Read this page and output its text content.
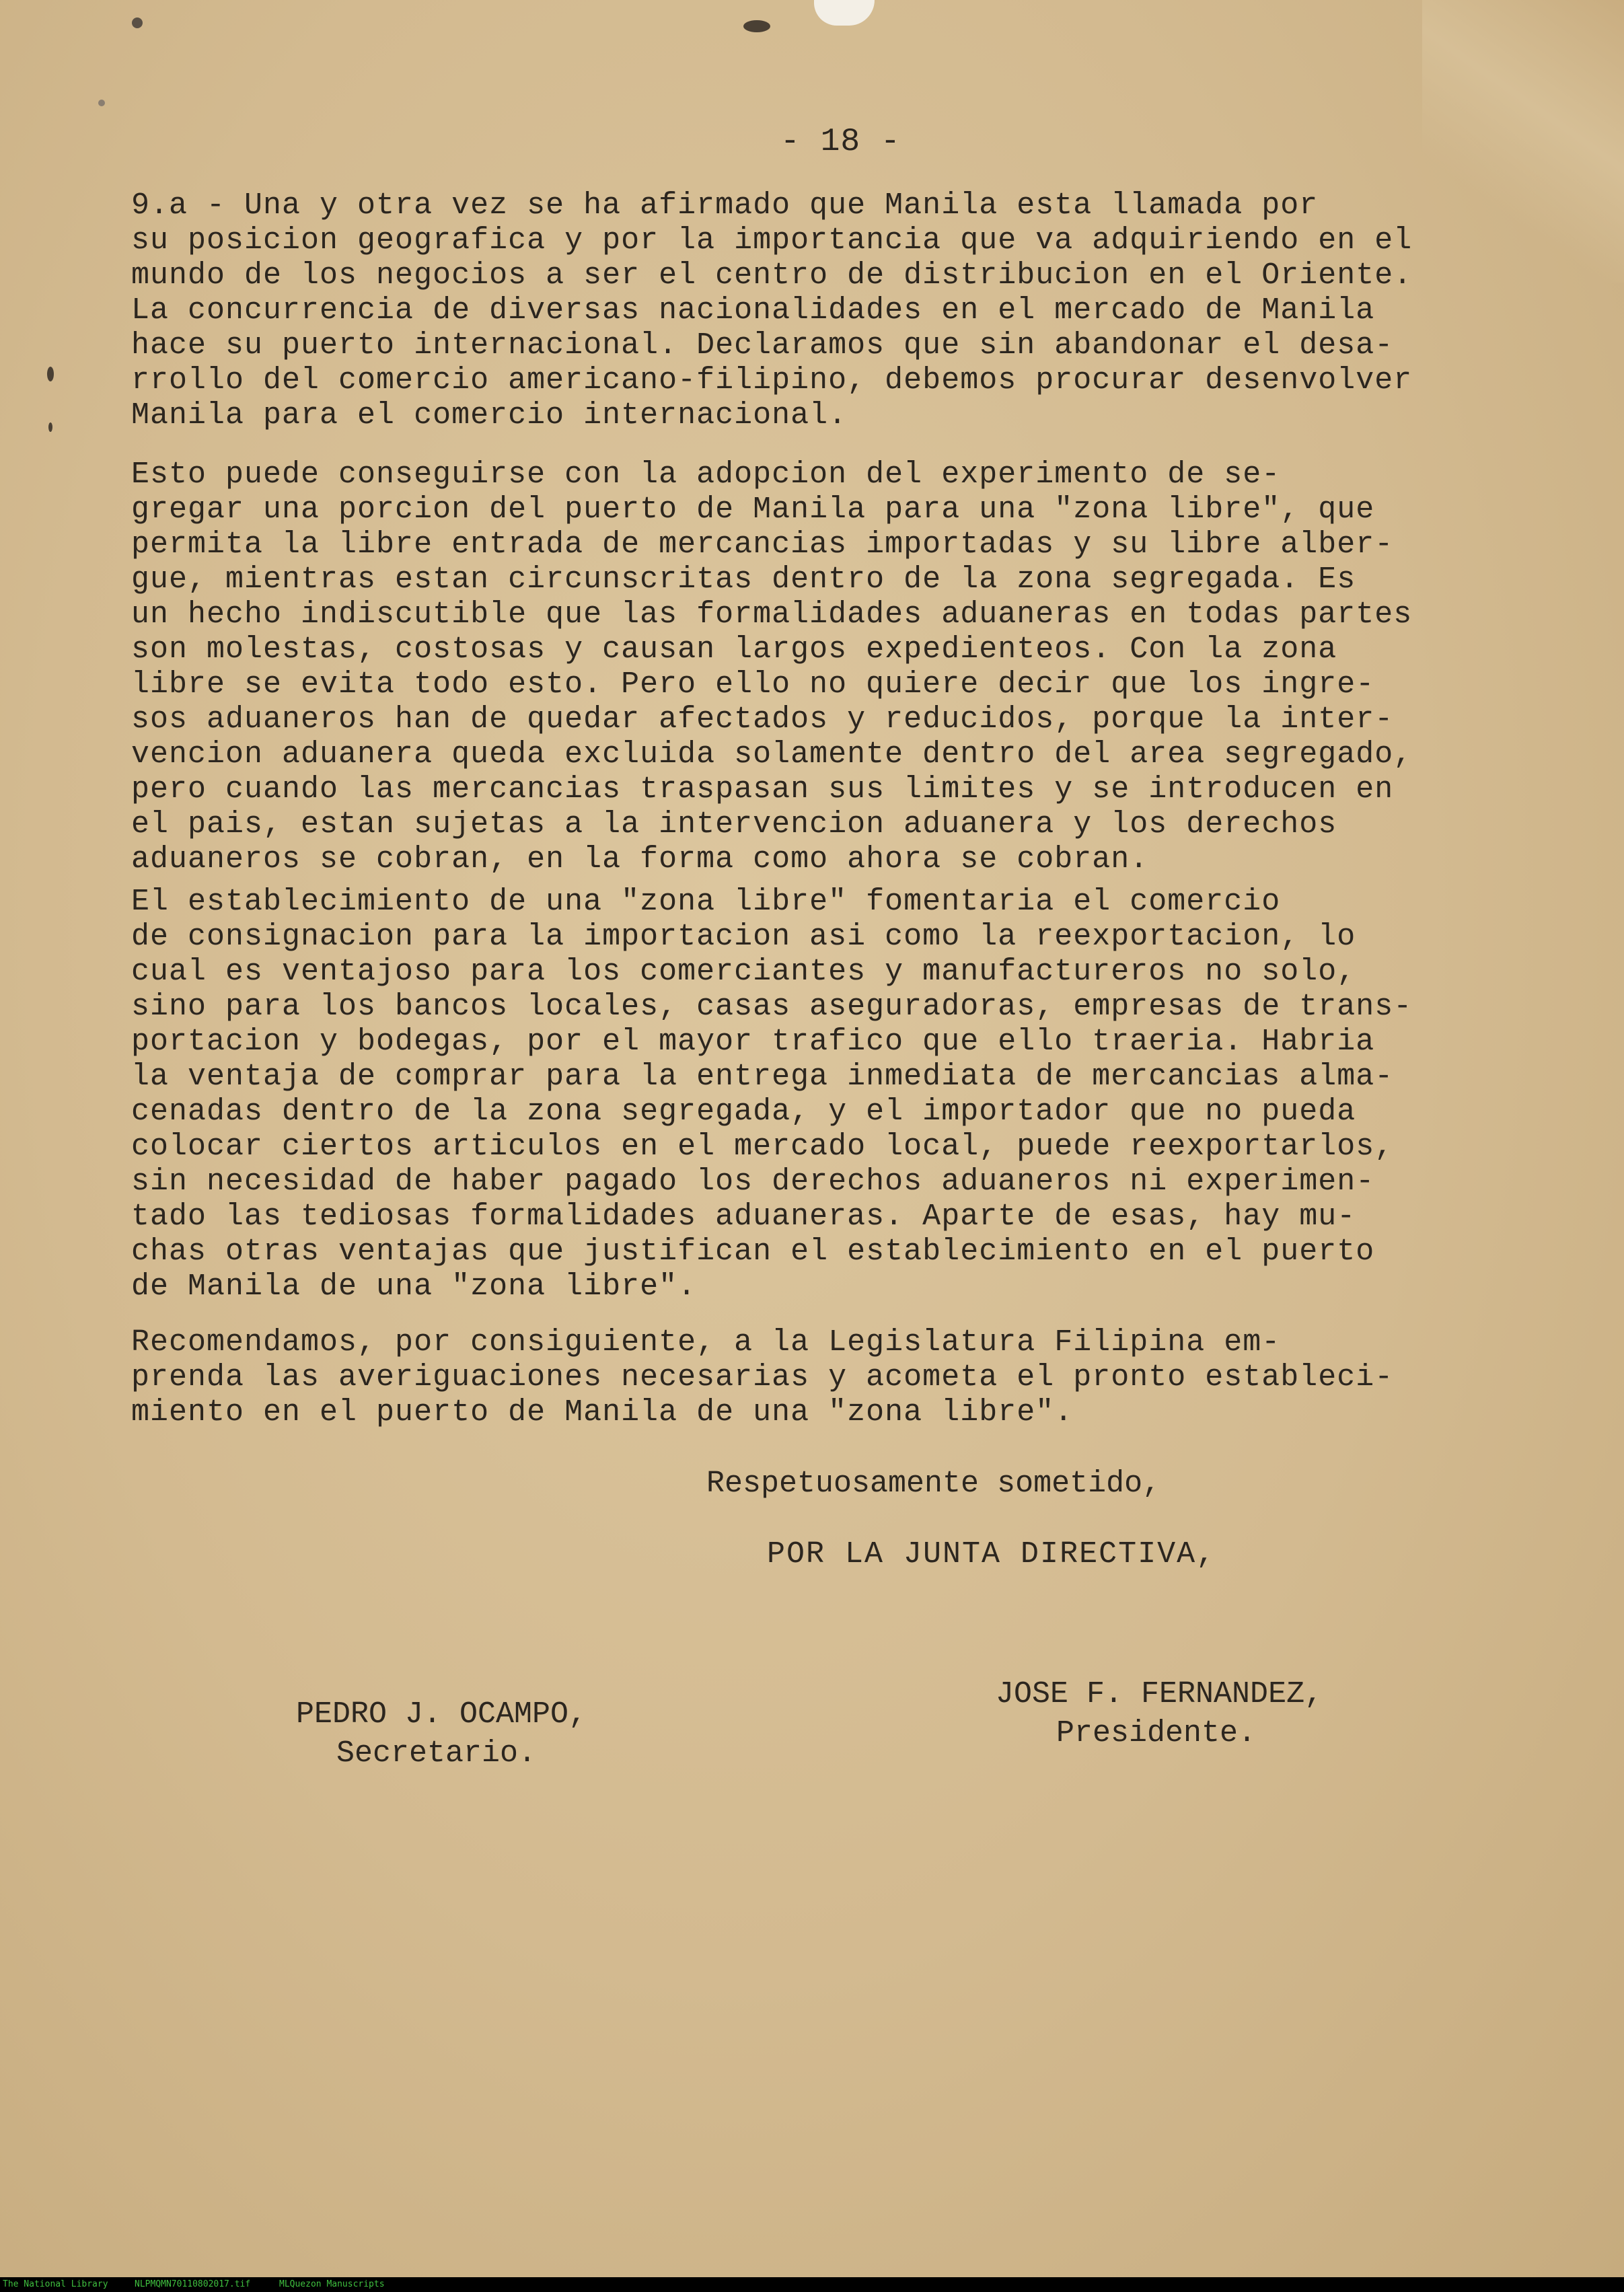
- 18 -

9.a - Una y otra vez se ha afirmado que Manila esta llamada por
su posicion geografica y por la importancia que va adquiriendo en el
mundo de los negocios a ser el centro de distribucion en el Oriente.
La concurrencia de diversas nacionalidades en el mercado de Manila
hace su puerto internacional. Declaramos que sin abandonar el desa-
rrollo del comercio americano-filipino, debemos procurar desenvolver
Manila para el comercio internacional.

Esto puede conseguirse con la adopcion del experimento de se-
gregar una porcion del puerto de Manila para una "zona libre", que
permita la libre entrada de mercancias importadas y su libre alber-
gue, mientras estan circunscritas dentro de la zona segregada. Es
un hecho indiscutible que las formalidades aduaneras en todas partes
son molestas, costosas y causan largos expedienteos. Con la zona
libre se evita todo esto. Pero ello no quiere decir que los ingre-
sos aduaneros han de quedar afectados y reducidos, porque la inter-
vencion aduanera queda excluida solamente dentro del area segregado,
pero cuando las mercancias traspasan sus limites y se introducen en
el pais, estan sujetas a la intervencion aduanera y los derechos
aduaneros se cobran, en la forma como ahora se cobran.

El establecimiento de una "zona libre" fomentaria el comercio
de consignacion para la importacion asi como la reexportacion, lo
cual es ventajoso para los comerciantes y manufactureros no solo,
sino para los bancos locales, casas aseguradoras, empresas de trans-
portacion y bodegas, por el mayor trafico que ello traeria. Habria
la ventaja de comprar para la entrega inmediata de mercancias alma-
cenadas dentro de la zona segregada, y el importador que no pueda
colocar ciertos articulos en el mercado local, puede reexportarlos,
sin necesidad de haber pagado los derechos aduaneros ni experimen-
tado las tediosas formalidades aduaneras. Aparte de esas, hay mu-
chas otras ventajas que justifican el establecimiento en el puerto
de Manila de una "zona libre".

Recomendamos, por consiguiente, a la Legislatura Filipina em-
prenda las averiguaciones necesarias y acometa el pronto estableci-
miento en el puerto de Manila de una "zona libre".

Respetuosamente sometido,
POR LA JUNTA DIRECTIVA,
PEDRO J. OCAMPO,
Secretario.
JOSE F. FERNANDEZ,
Presidente.
The National Library	NLPMQMN70110802017.tif	MLQuezon Manuscripts
